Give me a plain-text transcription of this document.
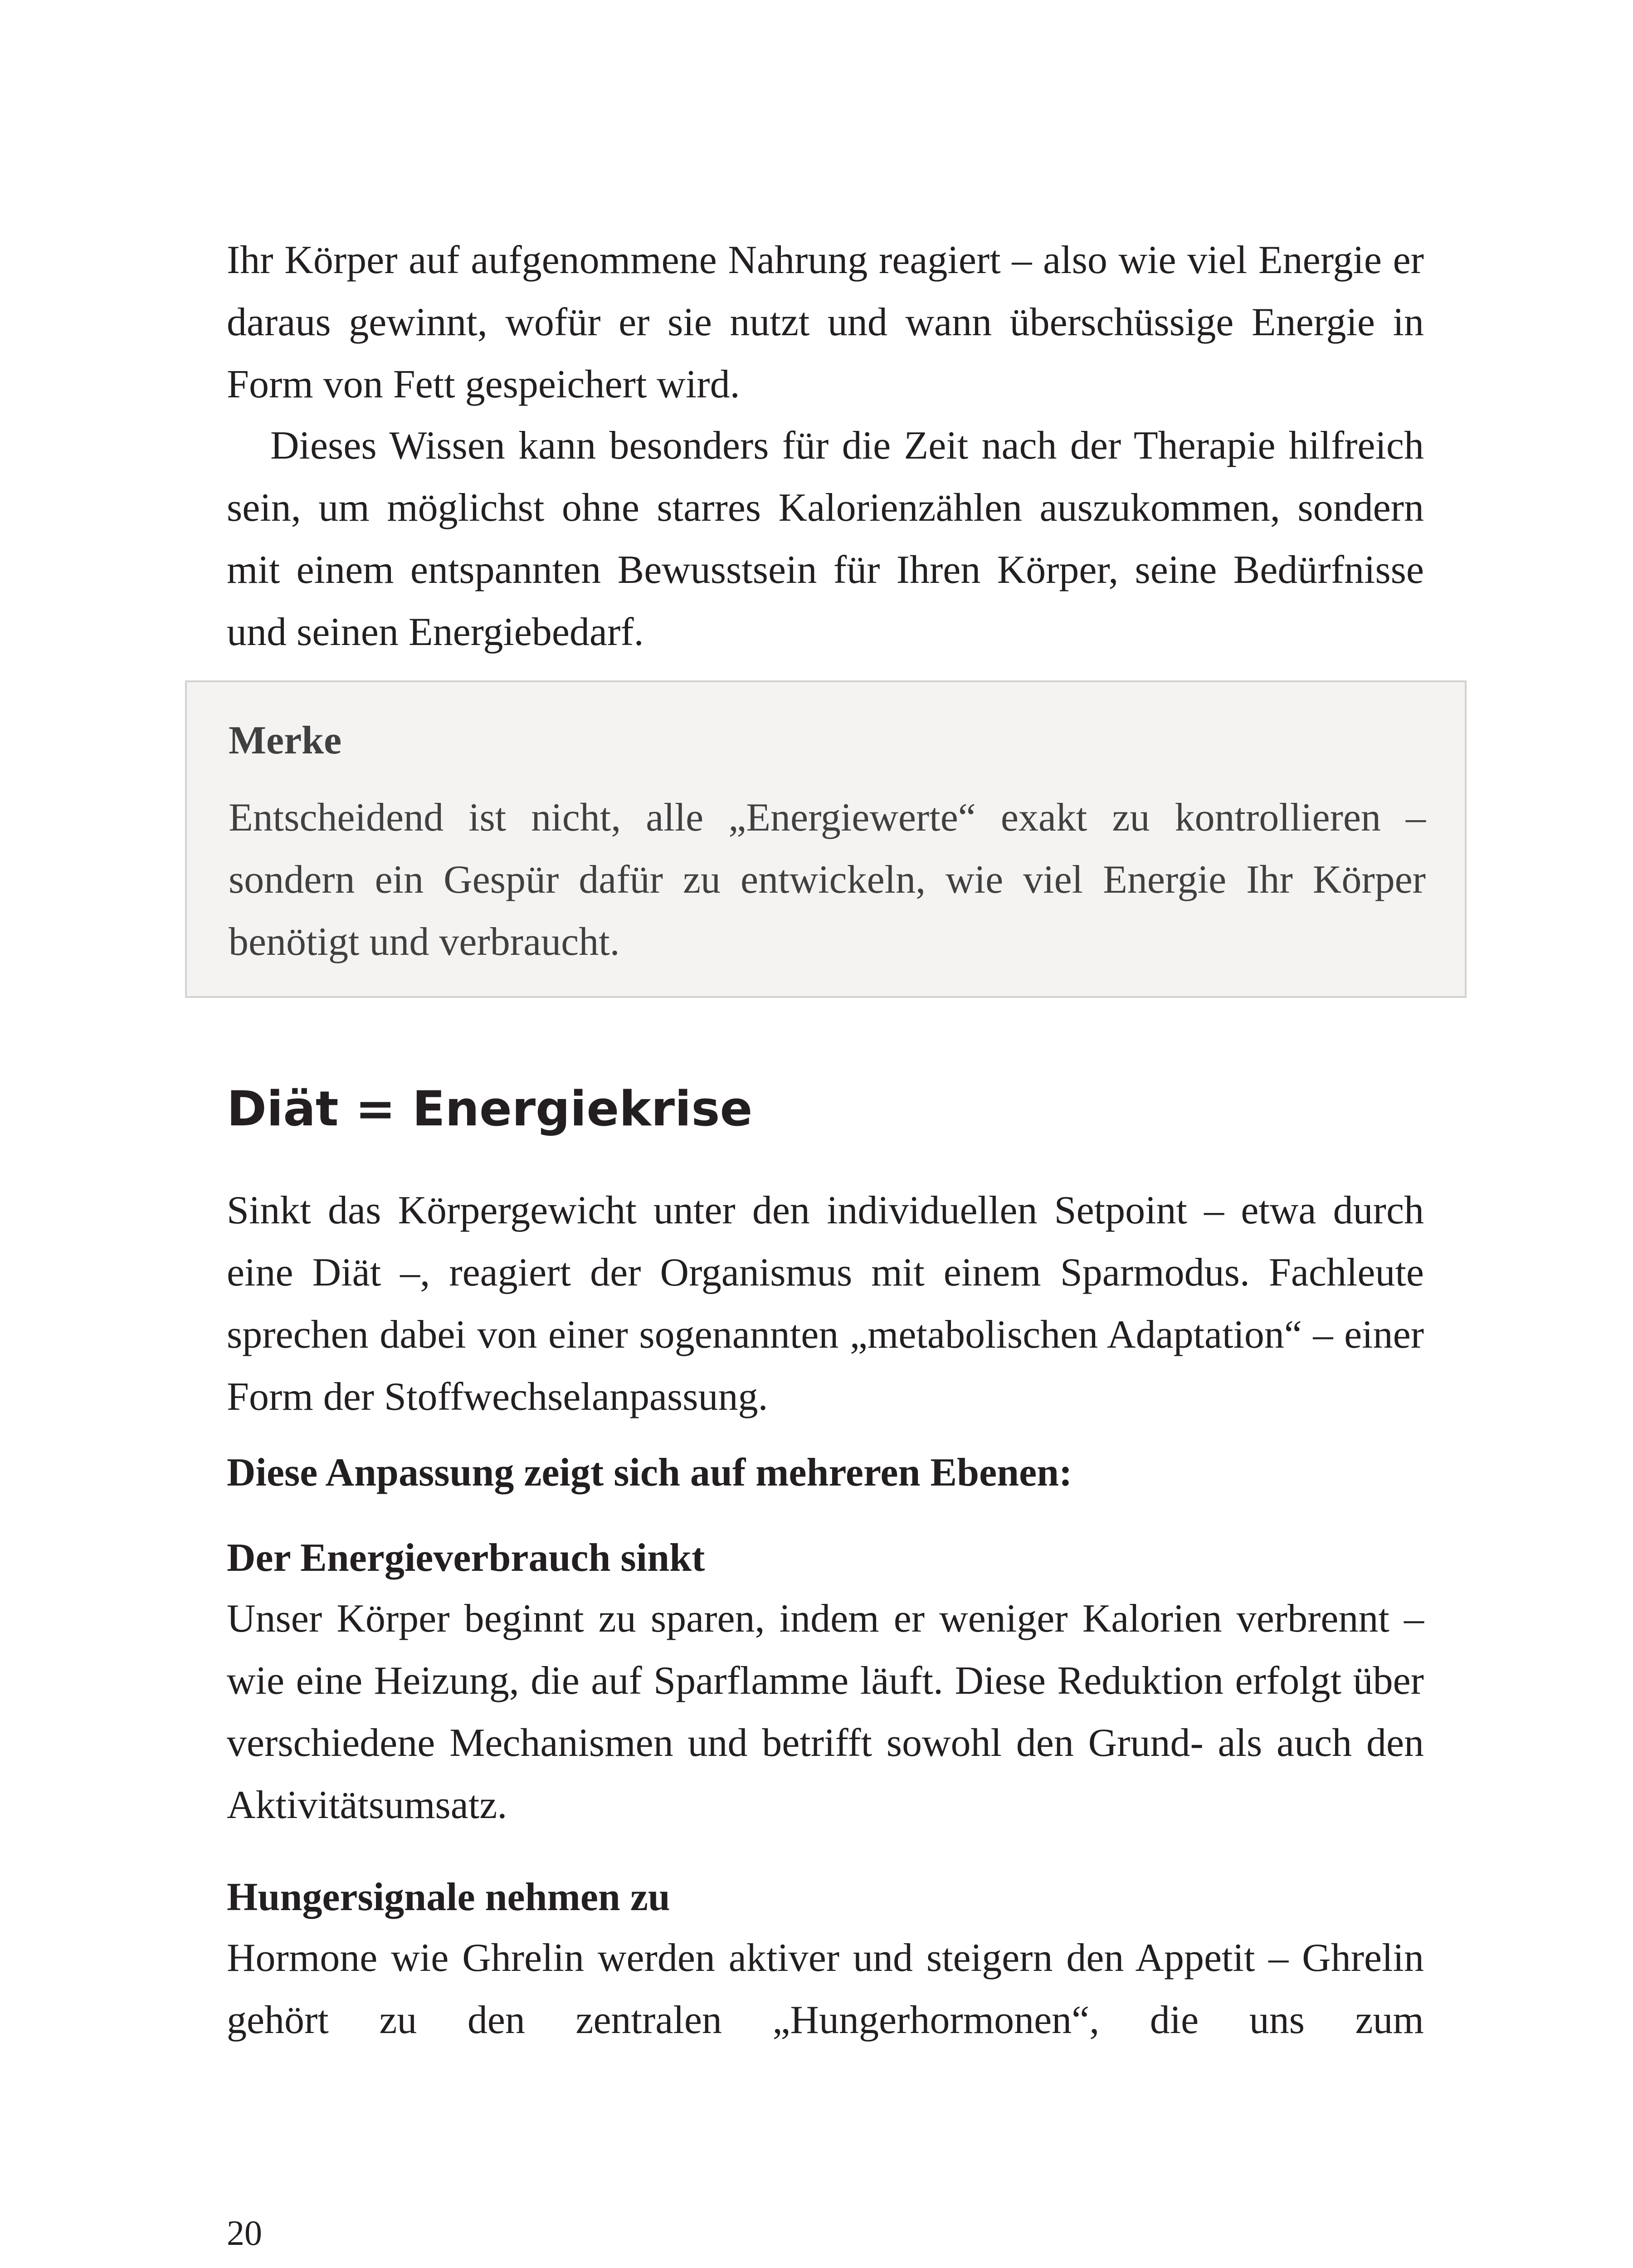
Ihr Körper auf aufgenommene Nahrung reagiert – also wie viel Energie er daraus gewinnt, wofür er sie nutzt und wann überschüssige Energie in Form von Fett gespeichert wird.

Dieses Wissen kann besonders für die Zeit nach der Therapie hilfreich sein, um möglichst ohne starres Kalorienzählen auszukommen, sondern mit einem entspannten Bewusstsein für Ihren Körper, seine Bedürfnisse und seinen Energiebedarf.

Merke

Entscheidend ist nicht, alle „Energiewerte“ exakt zu kontrollieren – sondern ein Gespür dafür zu entwickeln, wie viel Energie Ihr Körper benötigt und verbraucht.

Diät = Energiekrise

Sinkt das Körpergewicht unter den individuellen Setpoint – etwa durch eine Diät –, reagiert der Organismus mit einem Sparmodus. Fachleute sprechen dabei von einer sogenannten „metabolischen Adaptation“ – einer Form der Stoffwechselanpassung.

Diese Anpassung zeigt sich auf mehreren Ebenen:

Der Energieverbrauch sinkt

Unser Körper beginnt zu sparen, indem er weniger Kalorien verbrennt – wie eine Heizung, die auf Sparflamme läuft. Diese Reduktion erfolgt über verschiedene Mechanismen und betrifft sowohl den Grund- als auch den Aktivitätsumsatz.

Hungersignale nehmen zu

Hormone wie Ghrelin werden aktiver und steigern den Appetit – Ghrelin gehört zu den zentralen „Hungerhormonen“, die uns zum

20
